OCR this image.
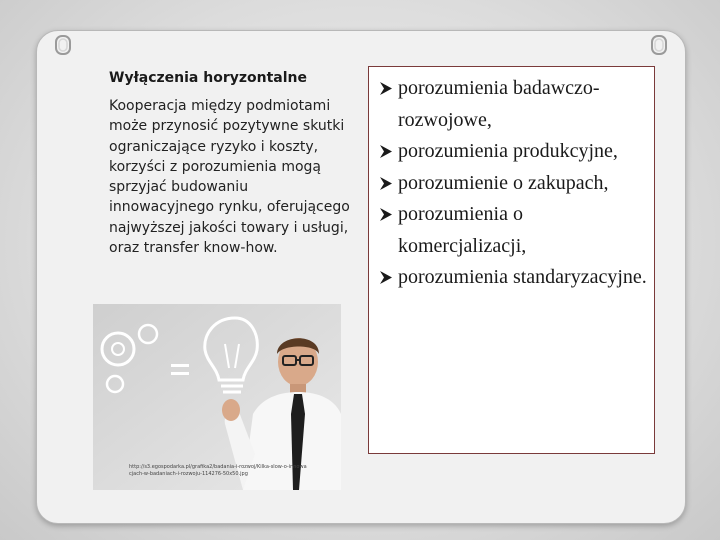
Wyłączenia horyzontalne
Kooperacja między podmiotami może przynosić pozytywne skutki ograniczające ryzyko i koszty, korzyści z porozumienia mogą sprzyjać budowaniu innowacyjnego rynku, oferującego najwyższej jakości towary i usługi, oraz transfer know-how.
http://s3.egospodarka.pl/grafika2/badania-i-rozwoj/Kilka-slow-o-innowacjach-w-badaniach-i-rozwoju-114276-50x50.jpg
porozumienia badawczo-rozwojowe,
porozumienia produkcyjne,
porozumienie o zakupach,
porozumienia o komercjalizacji,
porozumienia standaryzacyjne.
